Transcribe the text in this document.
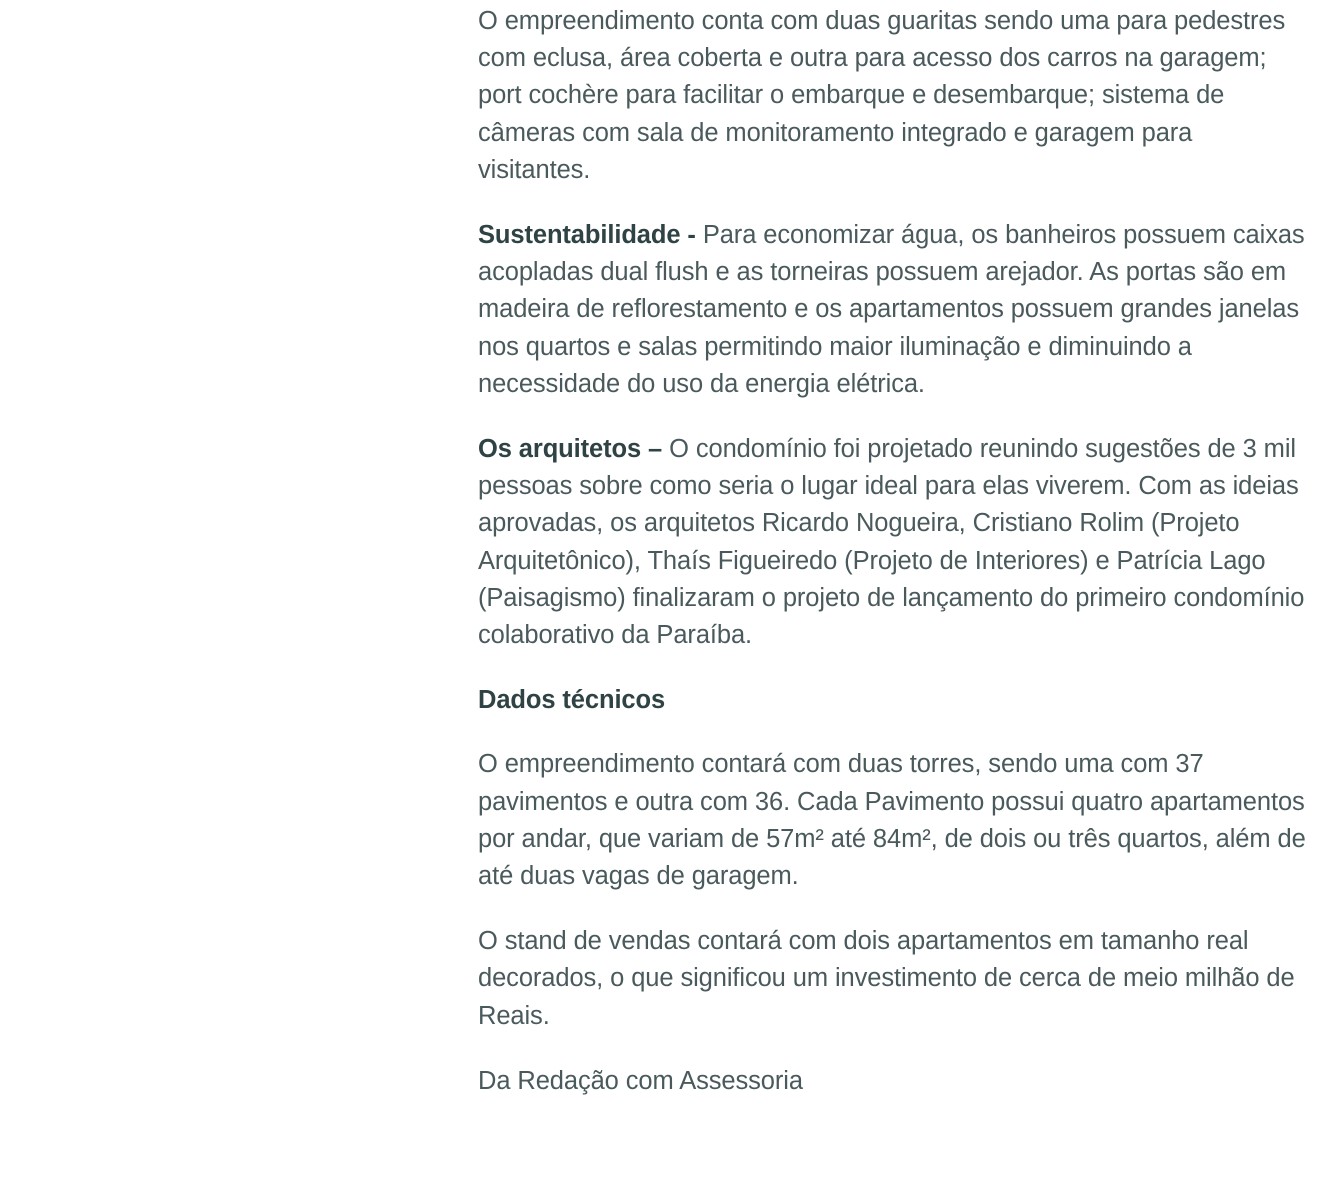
O empreendimento conta com duas guaritas sendo uma para pedestres com eclusa, área coberta e outra para acesso dos carros na garagem; port cochère para facilitar o embarque e desembarque; sistema de câmeras com sala de monitoramento integrado e garagem para visitantes.

Sustentabilidade - Para economizar água, os banheiros possuem caixas acopladas dual flush e as torneiras possuem arejador. As portas são em madeira de reflorestamento e os apartamentos possuem grandes janelas nos quartos e salas permitindo maior iluminação e diminuindo a necessidade do uso da energia elétrica.

Os arquitetos – O condomínio foi projetado reunindo sugestões de 3 mil pessoas sobre como seria o lugar ideal para elas viverem. Com as ideias aprovadas, os arquitetos Ricardo Nogueira, Cristiano Rolim (Projeto Arquitetônico), Thaís Figueiredo (Projeto de Interiores) e Patrícia Lago (Paisagismo) finalizaram o projeto de lançamento do primeiro condomínio colaborativo da Paraíba.

Dados técnicos

O empreendimento contará com duas torres, sendo uma com 37 pavimentos e outra com 36. Cada Pavimento possui quatro apartamentos por andar, que variam de 57m² até 84m², de dois ou três quartos, além de até duas vagas de garagem.

O stand de vendas contará com dois apartamentos em tamanho real decorados, o que significou um investimento de cerca de meio milhão de Reais.

Da Redação com Assessoria
